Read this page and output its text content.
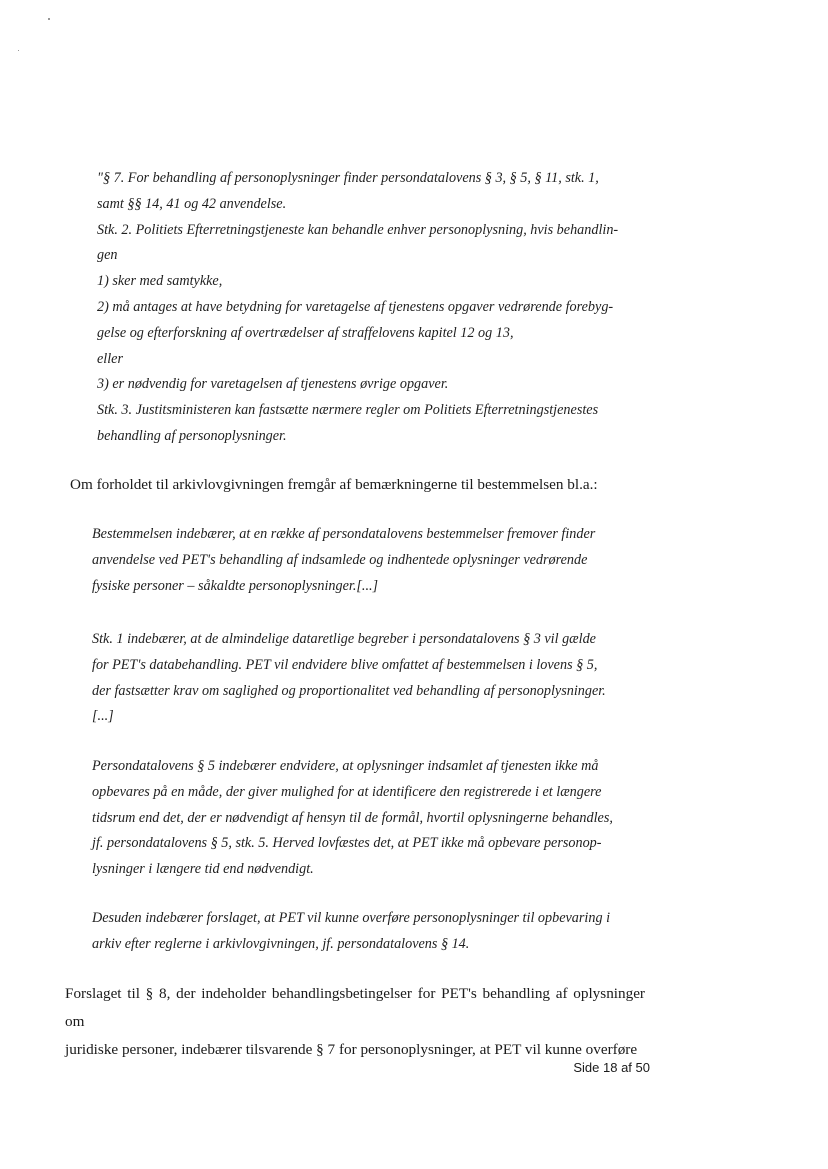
"§ 7. For behandling af personoplysninger finder persondatalovens § 3, § 5, § 11, stk. 1,

samt §§ 14, 41 og 42 anvendelse.

Stk. 2. Politiets Efterretningstjeneste kan behandle enhver personoplysning, hvis behandlin-

gen

1) sker med samtykke,

2) må antages at have betydning for varetagelse af tjenestens opgaver vedrørende forebyg-

gelse og efterforskning af overtrædelser af straffelovens kapitel 12 og 13,

eller

3) er nødvendig for varetagelsen af tjenestens øvrige opgaver.

Stk. 3. Justitsministeren kan fastsætte nærmere regler om Politiets Efterretningstjenestes

behandling af personoplysninger.

Om forholdet til arkivlovgivningen fremgår af bemærkningerne til bestemmelsen bl.a.:

Bestemmelsen indebærer, at en række af persondatalovens bestemmelser fremover finder
anvendelse ved PET's behandling af indsamlede og indhentede oplysninger vedrørende
fysiske personer – såkaldte personoplysninger.[...]
Stk. 1 indebærer, at de almindelige dataretlige begreber i persondatalovens § 3 vil gælde
for PET's databehandling. PET vil endvidere blive omfattet af bestemmelsen i lovens § 5,
der fastsætter krav om saglighed og proportionalitet ved behandling af personoplysninger.
[...]
Persondatalovens § 5 indebærer endvidere, at oplysninger indsamlet af tjenesten ikke må
opbevares på en måde, der giver mulighed for at identificere den registrerede i et længere
tidsrum end det, der er nødvendigt af hensyn til de formål, hvortil oplysningerne behandles,
jf. persondatalovens § 5, stk. 5. Herved lovfæstes det, at PET ikke må opbevare personop-
lysninger i længere tid end nødvendigt.
Desuden indebærer forslaget, at PET vil kunne overføre personoplysninger til opbevaring i
arkiv efter reglerne i arkivlovgivningen, jf. persondatalovens § 14.
Forslaget til § 8, der indeholder behandlingsbetingelser for PET's behandling af oplysninger om
juridiske personer, indebærer tilsvarende § 7 for personoplysninger, at PET vil kunne overføre
Side 18 af 50
